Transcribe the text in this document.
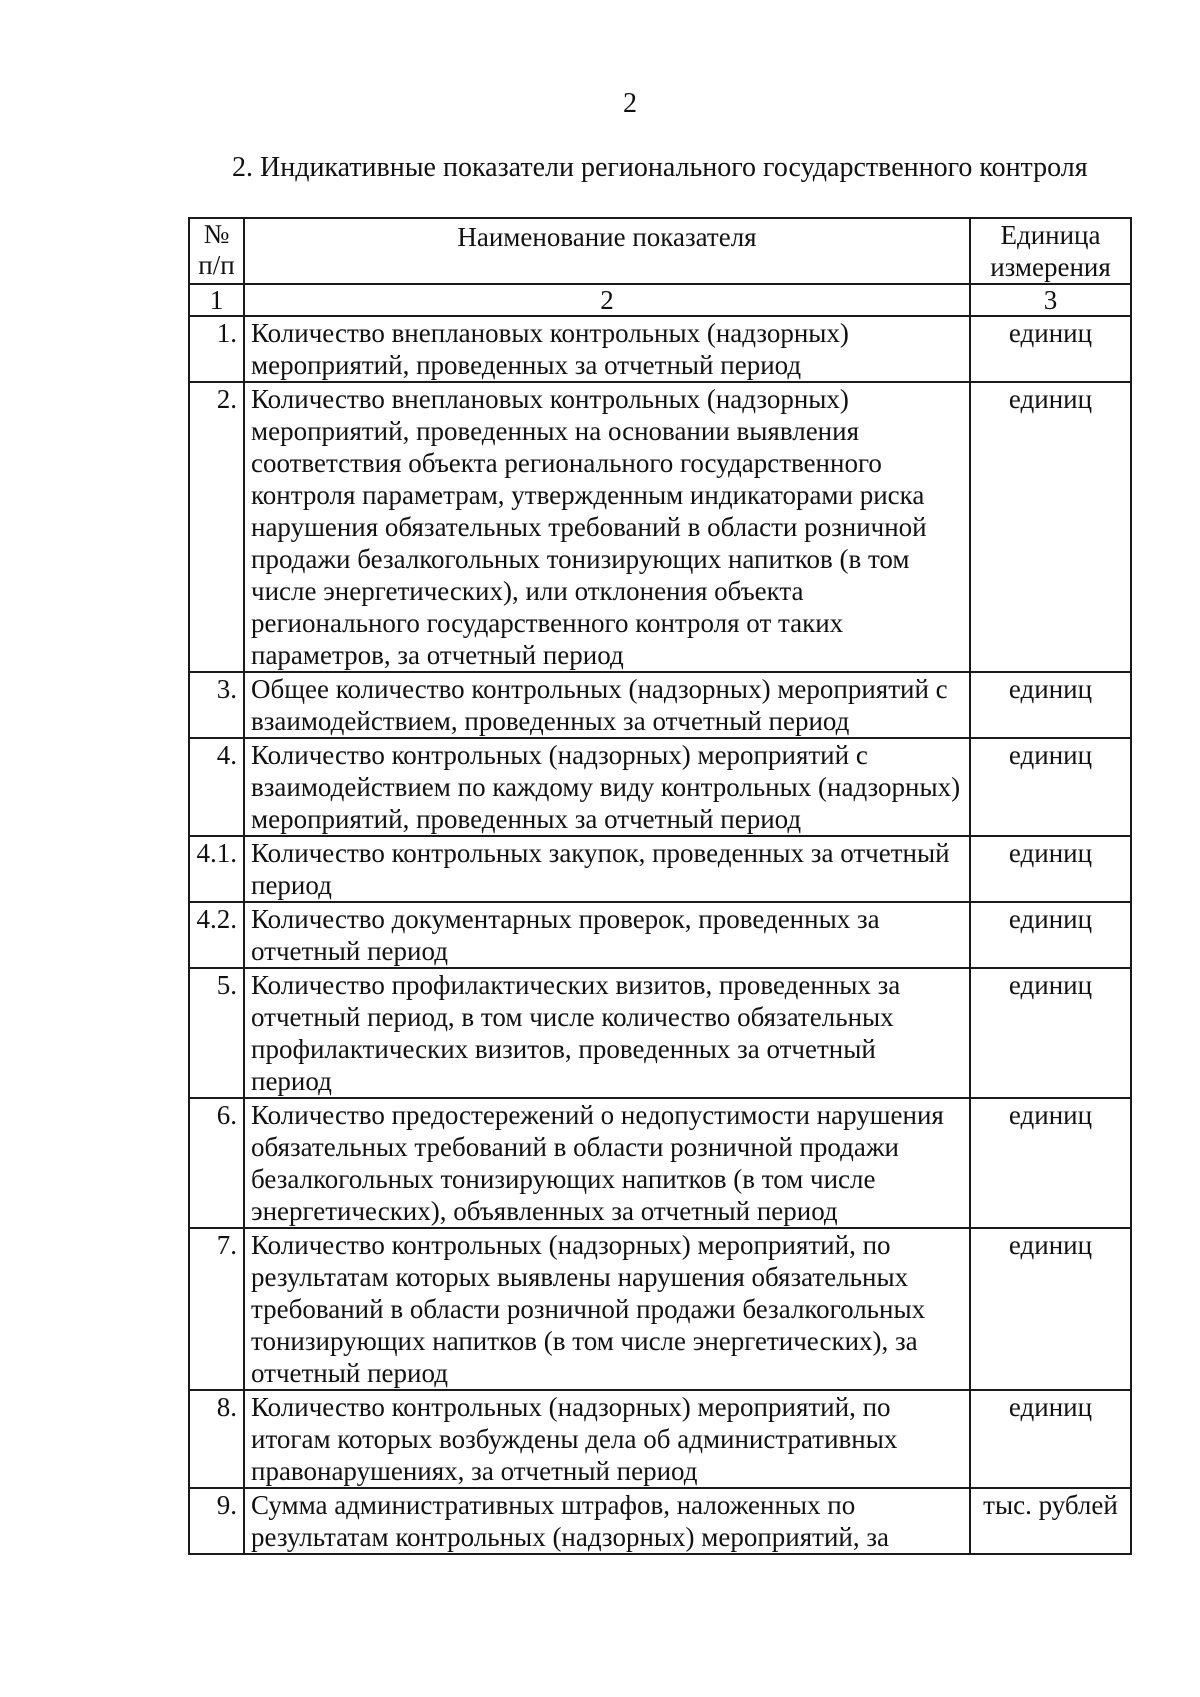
2
2. Индикативные показатели регионального государственного контроля
№ п/п	Наименование показателя	Единица измерения
1	2	3
1.	Количество внеплановых контрольных (надзорных) мероприятий, проведенных за отчетный период	единиц
2.	Количество внеплановых контрольных (надзорных) мероприятий, проведенных на основании выявления соответствия объекта регионального государственного контроля параметрам, утвержденным индикаторами риска нарушения обязательных требований в области розничной продажи безалкогольных тонизирующих напитков (в том числе энергетических), или отклонения объекта регионального государственного контроля от таких параметров, за отчетный период	единиц
3.	Общее количество контрольных (надзорных) мероприятий с взаимодействием, проведенных за отчетный период	единиц
4.	Количество контрольных (надзорных) мероприятий с взаимодействием по каждому виду контрольных (надзорных) мероприятий, проведенных за отчетный период	единиц
4.1.	Количество контрольных закупок, проведенных за отчетный период	единиц
4.2.	Количество документарных проверок, проведенных за отчетный период	единиц
5.	Количество профилактических визитов, проведенных за отчетный период, в том числе количество обязательных профилактических визитов, проведенных за отчетный период	единиц
6.	Количество предостережений о недопустимости нарушения обязательных требований в области розничной продажи безалкогольных тонизирующих напитков (в том числе энергетических), объявленных за отчетный период	единиц
7.	Количество контрольных (надзорных) мероприятий, по результатам которых выявлены нарушения обязательных требований в области розничной продажи безалкогольных тонизирующих напитков (в том числе энергетических), за отчетный период	единиц
8.	Количество контрольных (надзорных) мероприятий, по итогам которых возбуждены дела об административных правонарушениях, за отчетный период	единиц
9.	Сумма административных штрафов, наложенных по результатам контрольных (надзорных) мероприятий, за	тыс. рублей
